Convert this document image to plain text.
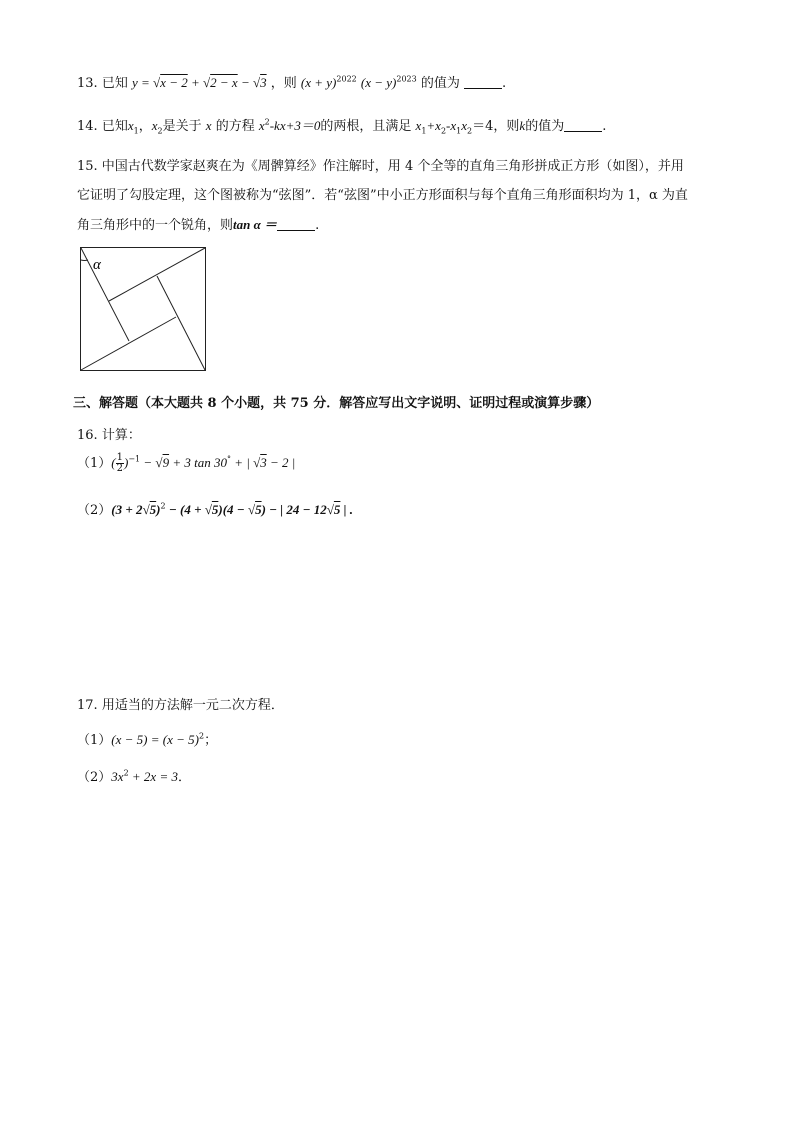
13. 已知 y = √x − 2 + √2 − x − √3 ，则 $(x + y)^{2022}$ $(x - y)^{2023}$ 的值为	.
14. 已知$x_1$，$x_2$是关于 x 的方程 $x^2-kx+3=0$的两根，且满足 $x_1+x_2-x_1x_2=4$，则k的值为	.
15. 中国古代数学家赵爽在为《周髀算经》作注解时，用 4 个全等的直角三角形拼成正方形（如图），并用
它证明了勾股定理，这个图被称为“弦图”．若“弦图”中小正方形面积与每个直角三角形面积均为 1，α 为直
角三角形中的一个锐角，则tan α ＝	.
α
三、解答题（本大题共 8 个小题，共 75 分．解答应写出文字说明、证明过程或演算步骤）
16. 计算：
$(1)( \frac{1}{2} )^{-1} - √9 + 3$ tan 30° + | √3 − 2 |
$(2)(3 + 2√5)^2 - (4 + √5)(4 - √5)$ − | 24 − 12√5 | .
17. 用适当的方法解一元二次方程．
$(1)(x - 5) = (x - 5)^2$；
$(2)3x^2 + 2x = 3$．
